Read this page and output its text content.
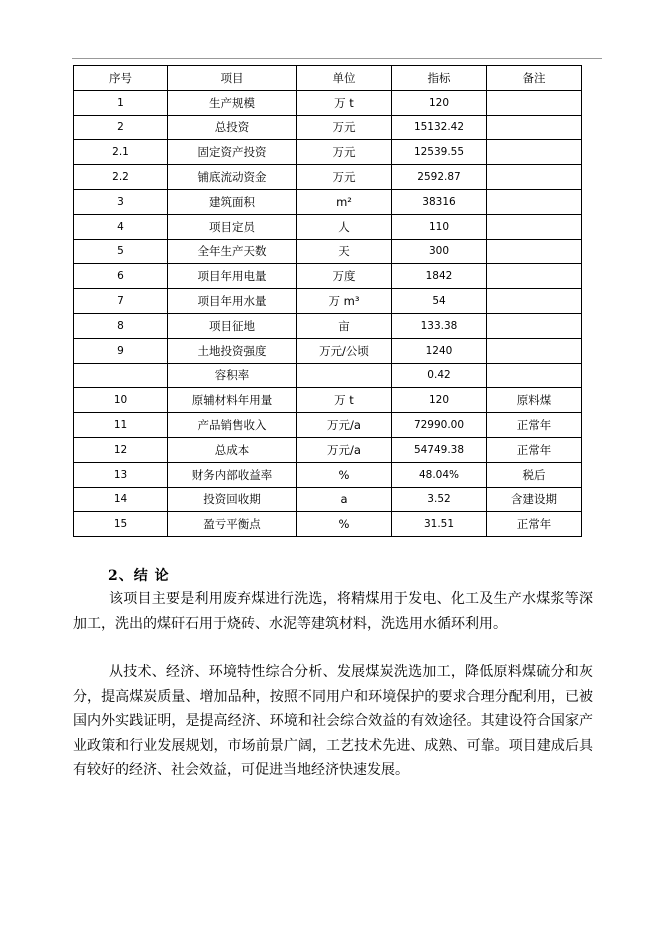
序号	项目	单位	指标	备注
1	生产规模	万 t	120	
2	总投资	万元	15132.42	
2.1	固定资产投资	万元	12539.55	
2.2	铺底流动资金	万元	2592.87	
3	建筑面积	m²	38316	
4	项目定员	人	110	
5	全年生产天数	天	300	
6	项目年用电量	万度	1842	
7	项目年用水量	万 m³	54	
8	项目征地	亩	133.38	
9	土地投资强度	万元/公顷	1240	
	容积率		0.42	
10	原辅材料年用量	万 t	120	原料煤
11	产品销售收入	万元/a	72990.00	正常年
12	总成本	万元/a	54749.38	正常年
13	财务内部收益率	%	48.04%	税后
14	投资回收期	a	3.52	含建设期
15	盈亏平衡点	%	31.51	正常年
2、结 论

该项目主要是利用废弃煤进行洗选，将精煤用于发电、化工及生产水煤浆等深加工，洗出的煤矸石用于烧砖、水泥等建筑材料，洗选用水循环利用。

从技术、经济、环境特性综合分析、发展煤炭洗选加工，降低原料煤硫分和灰分，提高煤炭质量、增加品种，按照不同用户和环境保护的要求合理分配利用，已被国内外实践证明，是提高经济、环境和社会综合效益的有效途径。其建设符合国家产业政策和行业发展规划，市场前景广阔，工艺技术先进、成熟、可靠。项目建成后具有较好的经济、社会效益，可促进当地经济快速发展。
